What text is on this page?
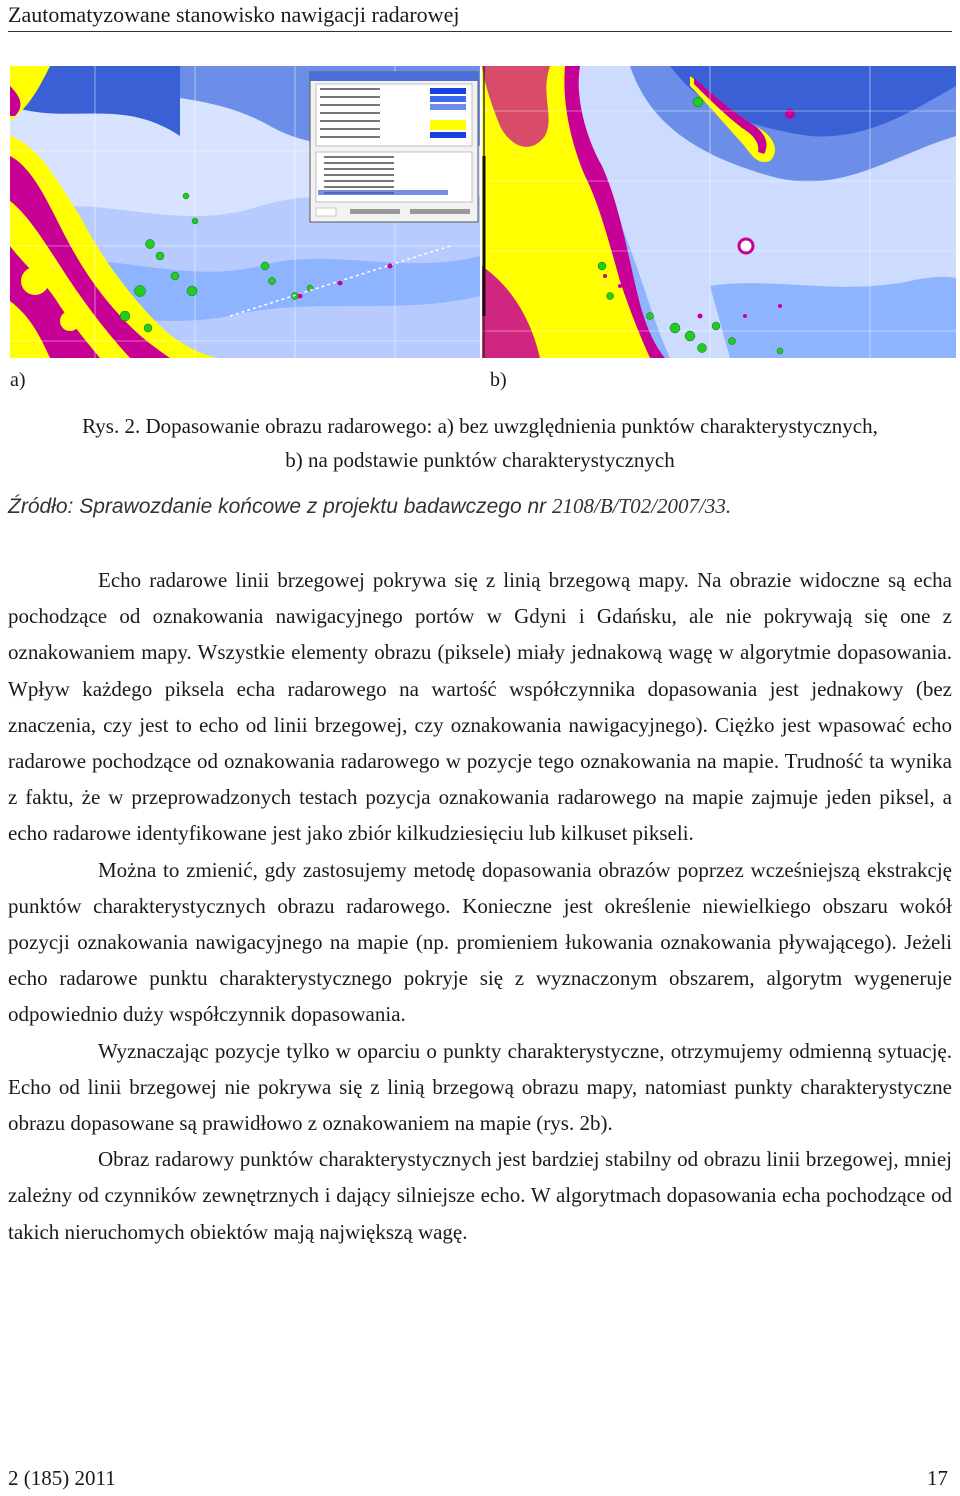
Zautomatyzowane stanowisko nawigacji radarowej
a)	b)
Rys. 2. Dopasowanie obrazu radarowego: a) bez uwzględnienia punktów charakterystycznych,
b) na podstawie punktów charakterystycznych
Źródło: Sprawozdanie końcowe z projektu badawczego nr 2108/B/T02/2007/33.

Echo radarowe linii brzegowej pokrywa się z linią brzegową mapy. Na obrazie widoczne są echa pochodzące od oznakowania nawigacyjnego portów w Gdyni i Gdańsku, ale nie pokrywają się one z oznakowaniem mapy. Wszystkie elementy obrazu (piksele) miały jednakową wagę w algorytmie dopasowania. Wpływ każdego piksela echa radarowego na wartość współczynnika dopasowania jest jednakowy (bez znaczenia, czy jest to echo od linii brzegowej, czy oznakowania nawigacyjnego). Ciężko jest wpasować echo radarowe pochodzące od oznakowania radarowego w pozycje tego oznakowania na mapie. Trudność ta wynika z faktu, że w przeprowadzonych testach pozycja oznakowania radarowego na mapie zajmuje jeden piksel, a echo radarowe identyfikowane jest jako zbiór kilkudziesięciu lub kilkuset pikseli.

Można to zmienić, gdy zastosujemy metodę dopasowania obrazów poprzez wcześniejszą ekstrakcję punktów charakterystycznych obrazu radarowego. Konieczne jest określenie niewielkiego obszaru wokół pozycji oznakowania nawigacyjnego na mapie (np. promieniem łukowania oznakowania pływającego). Jeżeli echo radarowe punktu charakterystycznego pokryje się z wyznaczonym obszarem, algorytm wygeneruje odpowiednio duży współczynnik dopasowania.

Wyznaczając pozycje tylko w oparciu o punkty charakterystyczne, otrzymujemy odmienną sytuację. Echo od linii brzegowej nie pokrywa się z linią brzegową obrazu mapy, natomiast punkty charakterystyczne obrazu dopasowane są prawidłowo z oznakowaniem na mapie (rys. 2b).

Obraz radarowy punktów charakterystycznych jest bardziej stabilny od obrazu linii brzegowej, mniej zależny od czynników zewnętrznych i dający silniejsze echo. W algorytmach dopasowania echa pochodzące od takich nieruchomych obiektów mają największą wagę.

2 (185) 2011	17
